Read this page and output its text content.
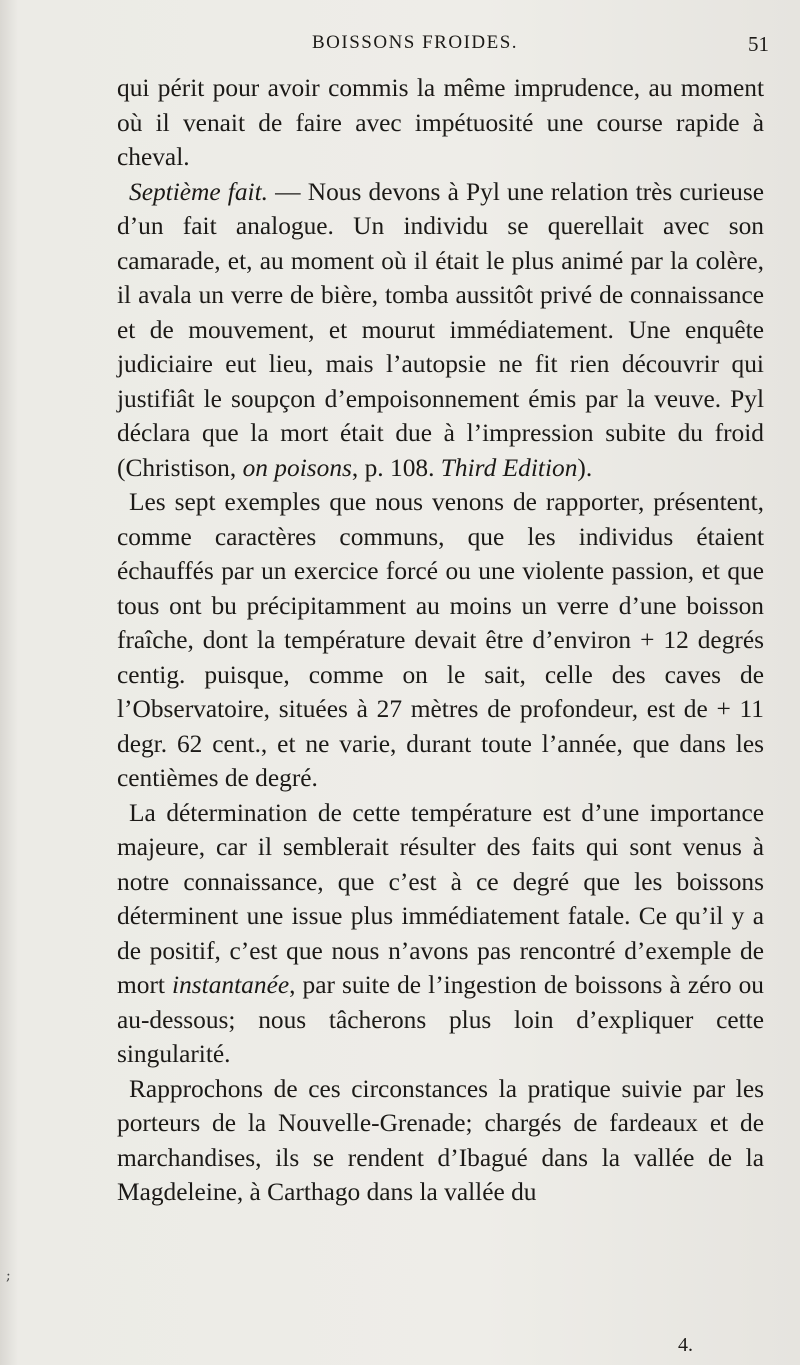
BOISSONS FROIDES.	51
;

qui périt pour avoir commis la même imprudence, au moment où il venait de faire avec impétuosité une course rapide à cheval.

Septième fait. — Nous devons à Pyl une relation très curieuse d’un fait analogue. Un individu se querellait avec son camarade, et, au moment où il était le plus animé par la colère, il avala un verre de bière, tomba aussitôt privé de connaissance et de mouvement, et mourut immédiatement. Une enquête judiciaire eut lieu, mais l’autopsie ne fit rien découvrir qui justifiât le soupçon d’empoisonnement émis par la veuve. Pyl déclara que la mort était due à l’impression subite du froid (Christison, on poisons, p. 108. Third Edition).

Les sept exemples que nous venons de rapporter, présentent, comme caractères communs, que les individus étaient échauffés par un exercice forcé ou une violente passion, et que tous ont bu précipitamment au moins un verre d’une boisson fraîche, dont la température devait être d’environ + 12 degrés centig. puisque, comme on le sait, celle des caves de l’Observatoire, situées à 27 mètres de profondeur, est de + 11 degr. 62 cent., et ne varie, durant toute l’année, que dans les centièmes de degré.

La détermination de cette température est d’une importance majeure, car il semblerait résulter des faits qui sont venus à notre connaissance, que c’est à ce degré que les boissons déterminent une issue plus immédiatement fatale. Ce qu’il y a de positif, c’est que nous n’avons pas rencontré d’exemple de mort instantanée, par suite de l’ingestion de boissons à zéro ou au-dessous; nous tâcherons plus loin d’expliquer cette singularité.

Rapprochons de ces circonstances la pratique suivie par les porteurs de la Nouvelle-Grenade; chargés de fardeaux et de marchandises, ils se rendent d’Ibagué dans la vallée de la Magdeleine, à Carthago dans la vallée du

4.
